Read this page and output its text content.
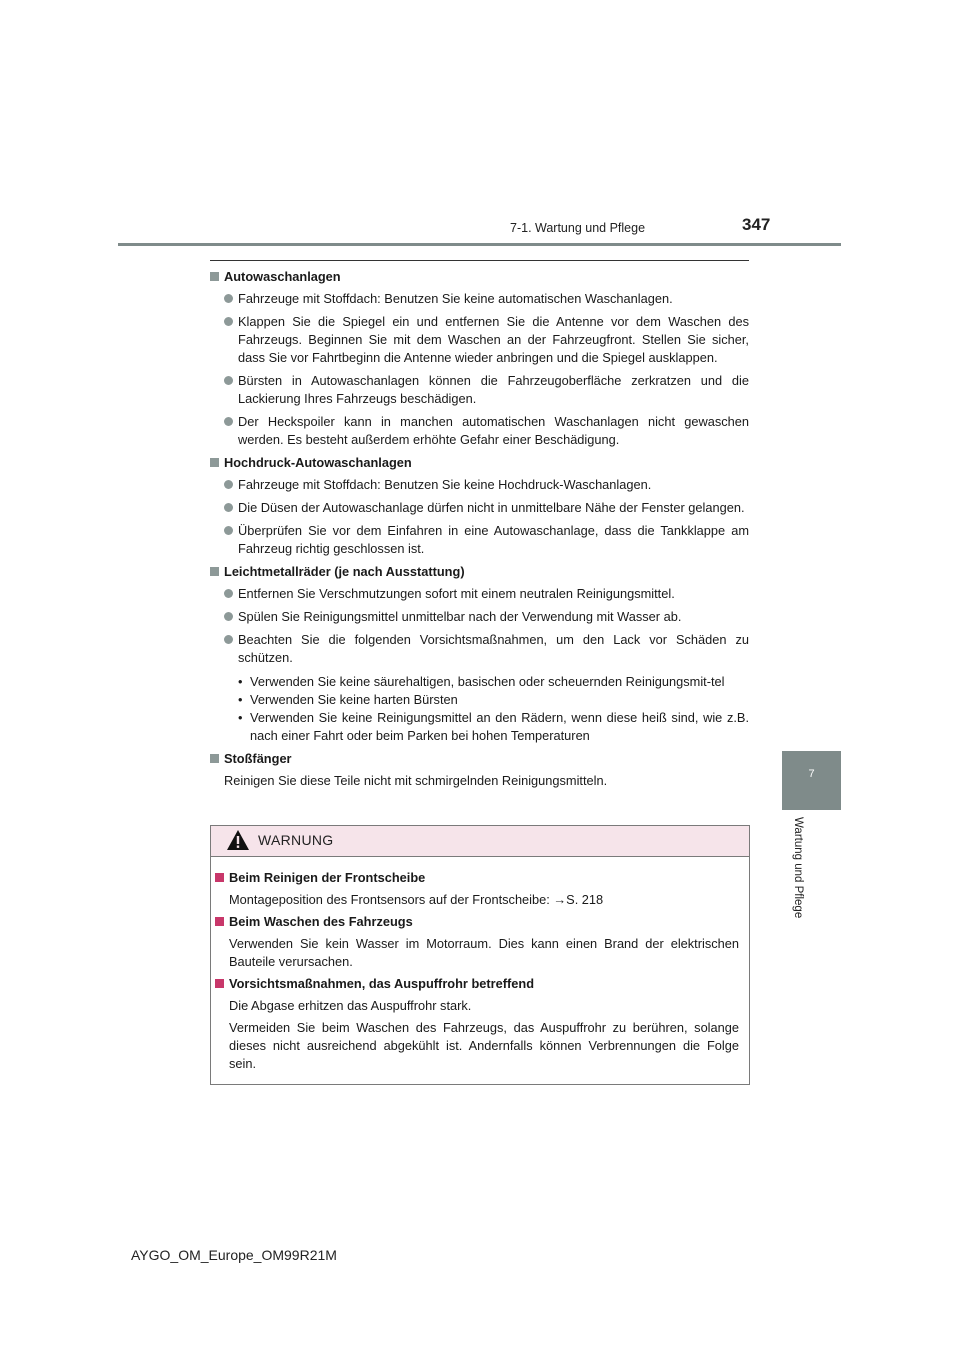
7-1. Wartung und Pflege	347
7
Wartung und Pflege
Autowaschanlagen
Fahrzeuge mit Stoffdach: Benutzen Sie keine automatischen Waschanlagen.
Klappen Sie die Spiegel ein und entfernen Sie die Antenne vor dem Waschen des Fahrzeugs. Beginnen Sie mit dem Waschen an der Fahrzeugfront. Stellen Sie sicher, dass Sie vor Fahrtbeginn die Antenne wieder anbringen und die Spiegel ausklappen.
Bürsten in Autowaschanlagen können die Fahrzeugoberfläche zerkratzen und die Lackierung Ihres Fahrzeugs beschädigen.
Der Heckspoiler kann in manchen automatischen Waschanlagen nicht gewaschen werden. Es besteht außerdem erhöhte Gefahr einer Beschädigung.
Hochdruck-Autowaschanlagen
Fahrzeuge mit Stoffdach: Benutzen Sie keine Hochdruck-Waschanlagen.
Die Düsen der Autowaschanlage dürfen nicht in unmittelbare Nähe der Fenster gelangen.
Überprüfen Sie vor dem Einfahren in eine Autowaschanlage, dass die Tankklappe am Fahrzeug richtig geschlossen ist.
Leichtmetallräder (je nach Ausstattung)
Entfernen Sie Verschmutzungen sofort mit einem neutralen Reinigungsmittel.
Spülen Sie Reinigungsmittel unmittelbar nach der Verwendung mit Wasser ab.
Beachten Sie die folgenden Vorsichtsmaßnahmen, um den Lack vor Schäden zu schützen.
• Verwenden Sie keine säurehaltigen, basischen oder scheuernden Reinigungsmit-tel
• Verwenden Sie keine harten Bürsten
• Verwenden Sie keine Reinigungsmittel an den Rädern, wenn diese heiß sind, wie z.B. nach einer Fahrt oder beim Parken bei hohen Temperaturen
Stoßfänger

Reinigen Sie diese Teile nicht mit schmirgelnden Reinigungsmitteln.

WARNUNG
Beim Reinigen der Frontscheibe

Montageposition des Frontsensors auf der Frontscheibe: →S. 218

Beim Waschen des Fahrzeugs

Verwenden Sie kein Wasser im Motorraum. Dies kann einen Brand der elektrischen Bauteile verursachen.

Vorsichtsmaßnahmen, das Auspuffrohr betreffend

Die Abgase erhitzen das Auspuffrohr stark.

Vermeiden Sie beim Waschen des Fahrzeugs, das Auspuffrohr zu berühren, solange dieses nicht ausreichend abgekühlt ist. Andernfalls können Verbrennungen die Folge sein.

AYGO_OM_Europe_OM99R21M
